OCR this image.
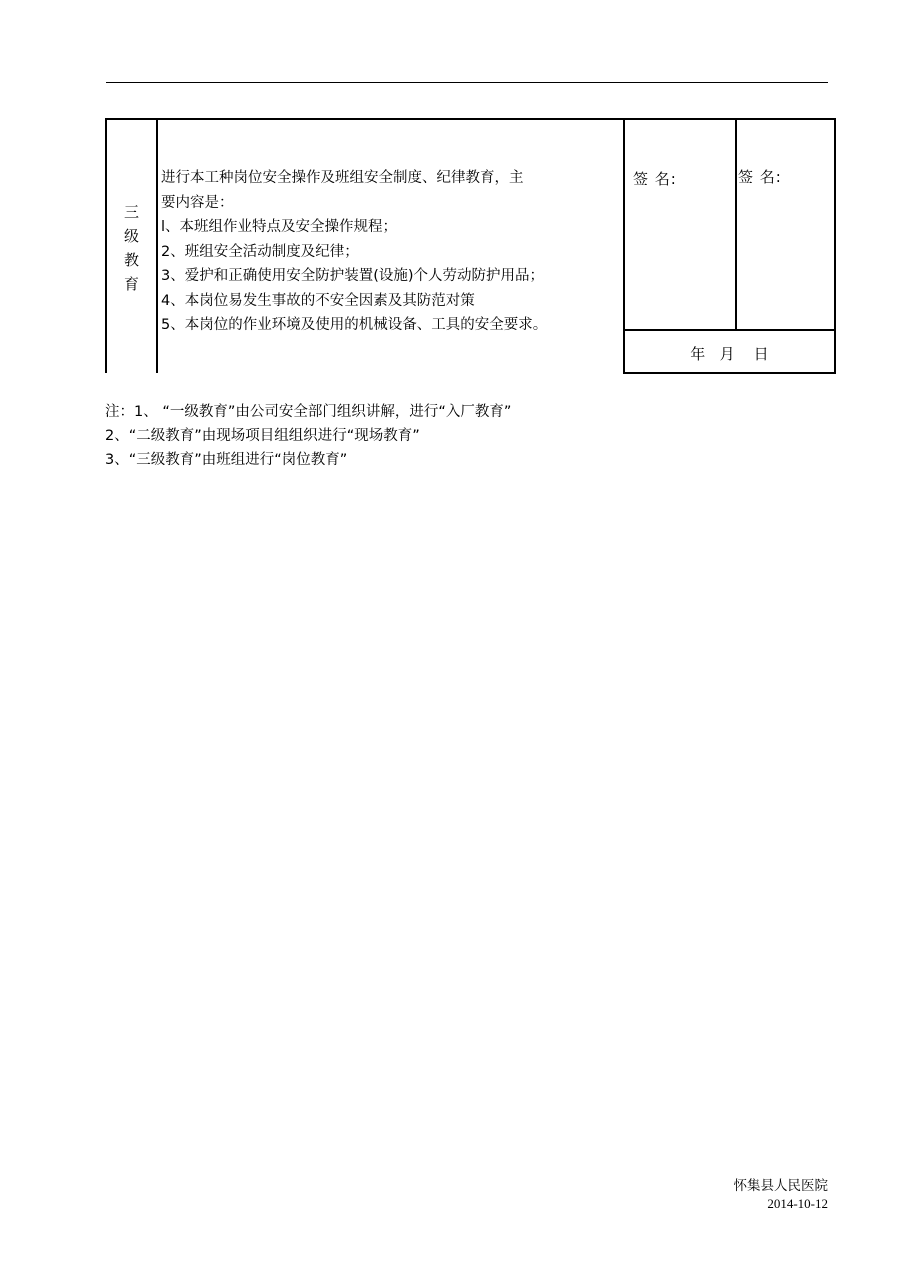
三
级
教
育
进行本工种岗位安全操作及班组安全制度、纪律教育，主
要内容是：
l、本班组作业特点及安全操作规程；
2、班组安全活动制度及纪律；
3、爱护和正确使用安全防护装置(设施)个人劳动防护用品；
4、本岗位易发生事故的不安全因素及其防范对策
5、本岗位的作业环境及使用的机械设备、工具的安全要求。
签 名:	签 名:
年   月    日
注：1、 “一级教育”由公司安全部门组织讲解，进行“入厂教育”
2、“二级教育”由现场项目组组织进行“现场教育”
3、“三级教育”由班组进行“岗位教育”
怀集县人民医院
2014-10-12
